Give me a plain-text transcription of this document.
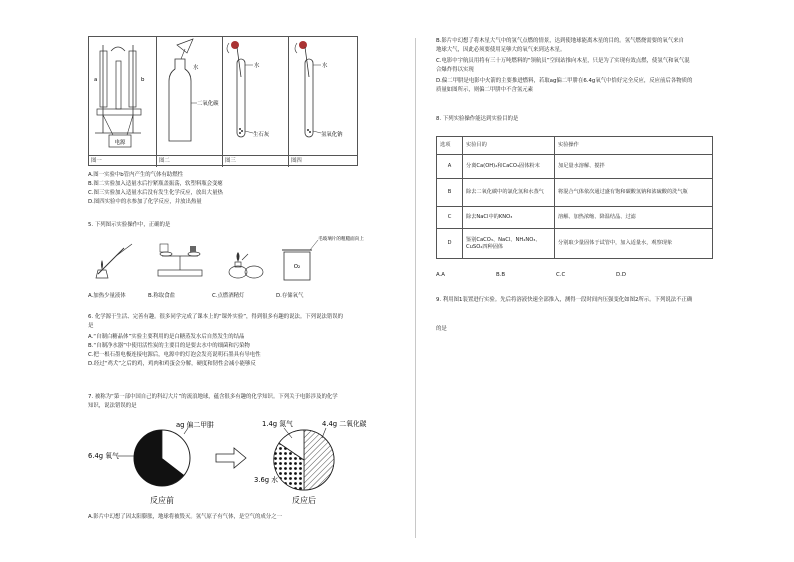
电源
a	b
水
二氧化碳
水
生石灰
水
氢氧化钠
图一	图二	图三	图四
A.图一实验中b管内产生的气体有助燃性
B.图二实验加入适量水后拧紧瓶盖振荡，软塑料瓶会变瘪
C.图三实验加入适量水后没有发生化学反应，放出大量热
D.图四实验中的水参加了化学反应，并放出热量
5. 下列图示实验操作中，正确的是
O₂
毛玻璃片的粗糙面向上
A.加热少量液体	B.称取食盐	C.点燃酒精灯	D.存储氧气
6. 化学源于生活、完善有趣。很多同学完成了课本上的“课外实验”，得到很多有趣的说法。下列说法错误的
是
A.“自制白糖晶体”实验主要利用的是白糖蒸发水后自然发生的结晶
B.“自制净水器”中使用活性炭的主要目的是要去水中的细菌和污染物
C.把一根石墨电极连接电源后，电源中的灯泡会发亮说明石墨具有导电性
D.经过“鸡犬”之后的鸡，鸡肉和鸡蛋会分解，硬度和韧性会减小能够反
7. 被称为“第一部中国自己的科幻大片”的流浪地球，蕴含很多有趣的化学知识。下列关于电影涉及的化学
知识，说法错误的是
ag 偏二甲肼
6.4g 氧气
反应前
1.4g 氮气	4.4g 二氧化碳
3.6g 水
反应后
A.影片中幻想了因太阳膨胀，地球将被毁灭。氢气原子有气体，是空气的成分之一
B.影片中幻想了将木星大气中的氢气点燃的情景，达到使地球能离木星的目的。氢气燃烧需要的氧气来自
地球大气，因此必须要使用足够大的氧气来到达木星。
C.电影中宇航员用将有三十万吨燃料的“领航员”空间站推向木星，只是为了实现有效点燃，使氢气和氧气混
合爆炸得以实现
D.偏二甲肼是电影中火箭的主要推进燃料，若取ag偏二甲肼在6.4g氧气中恰好完全反应，反应前后各物质的
质量如图所示，则偏二甲肼中不含氢元素
8. 下列实验操作能达到实验目的是
选项	实验目的	实验操作
A	分离Ca(OH)₂和CaCO₃固体粉末	加足量水溶解、搅拌
B	除去二氧化碳中的氯化氢和水蒸气	将混合气体依次通过盛有饱和碳酸氢钠和浓硫酸的洗气瓶
C	除去NaCl中的KNO₃	溶解、加热浓缩、降温结晶、过滤
D	鉴别CaCO₃、NaCl、NH₄NO₃、CuSO₄四种固体	分别取少量固体于试管中，加入适量水，观察现象
A.A	B.B	C.C	D.D
9. 利用图1装置进行实验。先后将溶液快速全部推入，测得一段时间内压强变化如图2所示。下列说法不正确
的是
